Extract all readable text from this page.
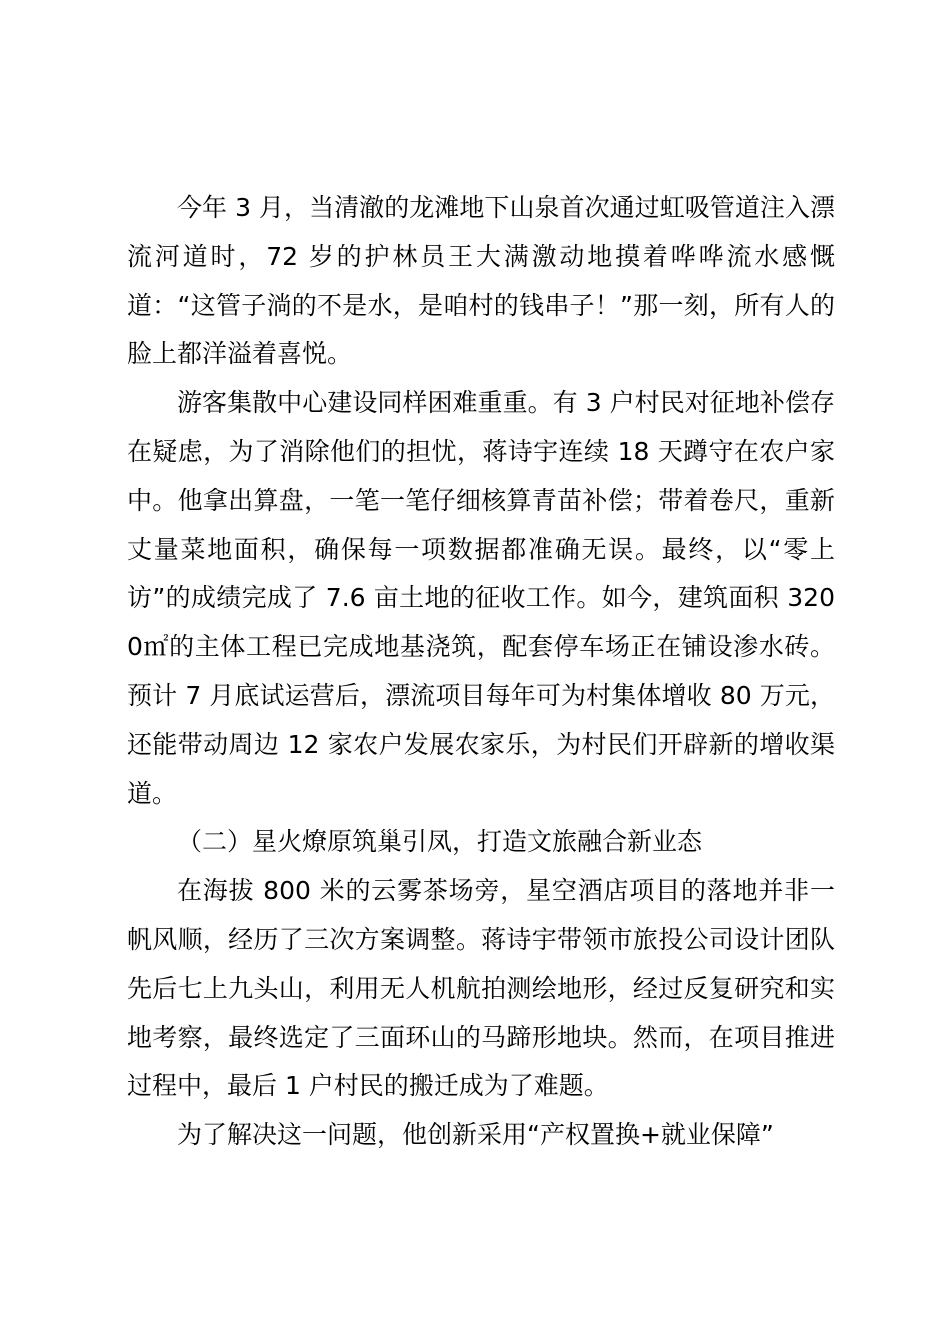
今年 3 月，当清澈的龙滩地下山泉首次通过虹吸管道注入漂流河道时，72 岁的护林员王大满激动地摸着哗哗流水感慨道：“这管子淌的不是水，是咱村的钱串子！”那一刻，所有人的脸上都洋溢着喜悦。

游客集散中心建设同样困难重重。有 3 户村民对征地补偿存在疑虑，为了消除他们的担忧，蒋诗宇连续 18 天蹲守在农户家中。他拿出算盘，一笔一笔仔细核算青苗补偿；带着卷尺，重新丈量菜地面积，确保每一项数据都准确无误。最终，以“零上访”的成绩完成了 7.6 亩土地的征收工作。如今，建筑面积 3200㎡的主体工程已完成地基浇筑，配套停车场正在铺设渗水砖。预计 7 月底试运营后，漂流项目每年可为村集体增收 80 万元，还能带动周边 12 家农户发展农家乐，为村民们开辟新的增收渠道。

（二）星火燎原筑巢引凤，打造文旅融合新业态

在海拔 800 米的云雾茶场旁，星空酒店项目的落地并非一帆风顺，经历了三次方案调整。蒋诗宇带领市旅投公司设计团队先后七上九头山，利用无人机航拍测绘地形，经过反复研究和实地考察，最终选定了三面环山的马蹄形地块。然而，在项目推进过程中，最后 1 户村民的搬迁成为了难题。

为了解决这一问题，他创新采用“产权置换+就业保障”
